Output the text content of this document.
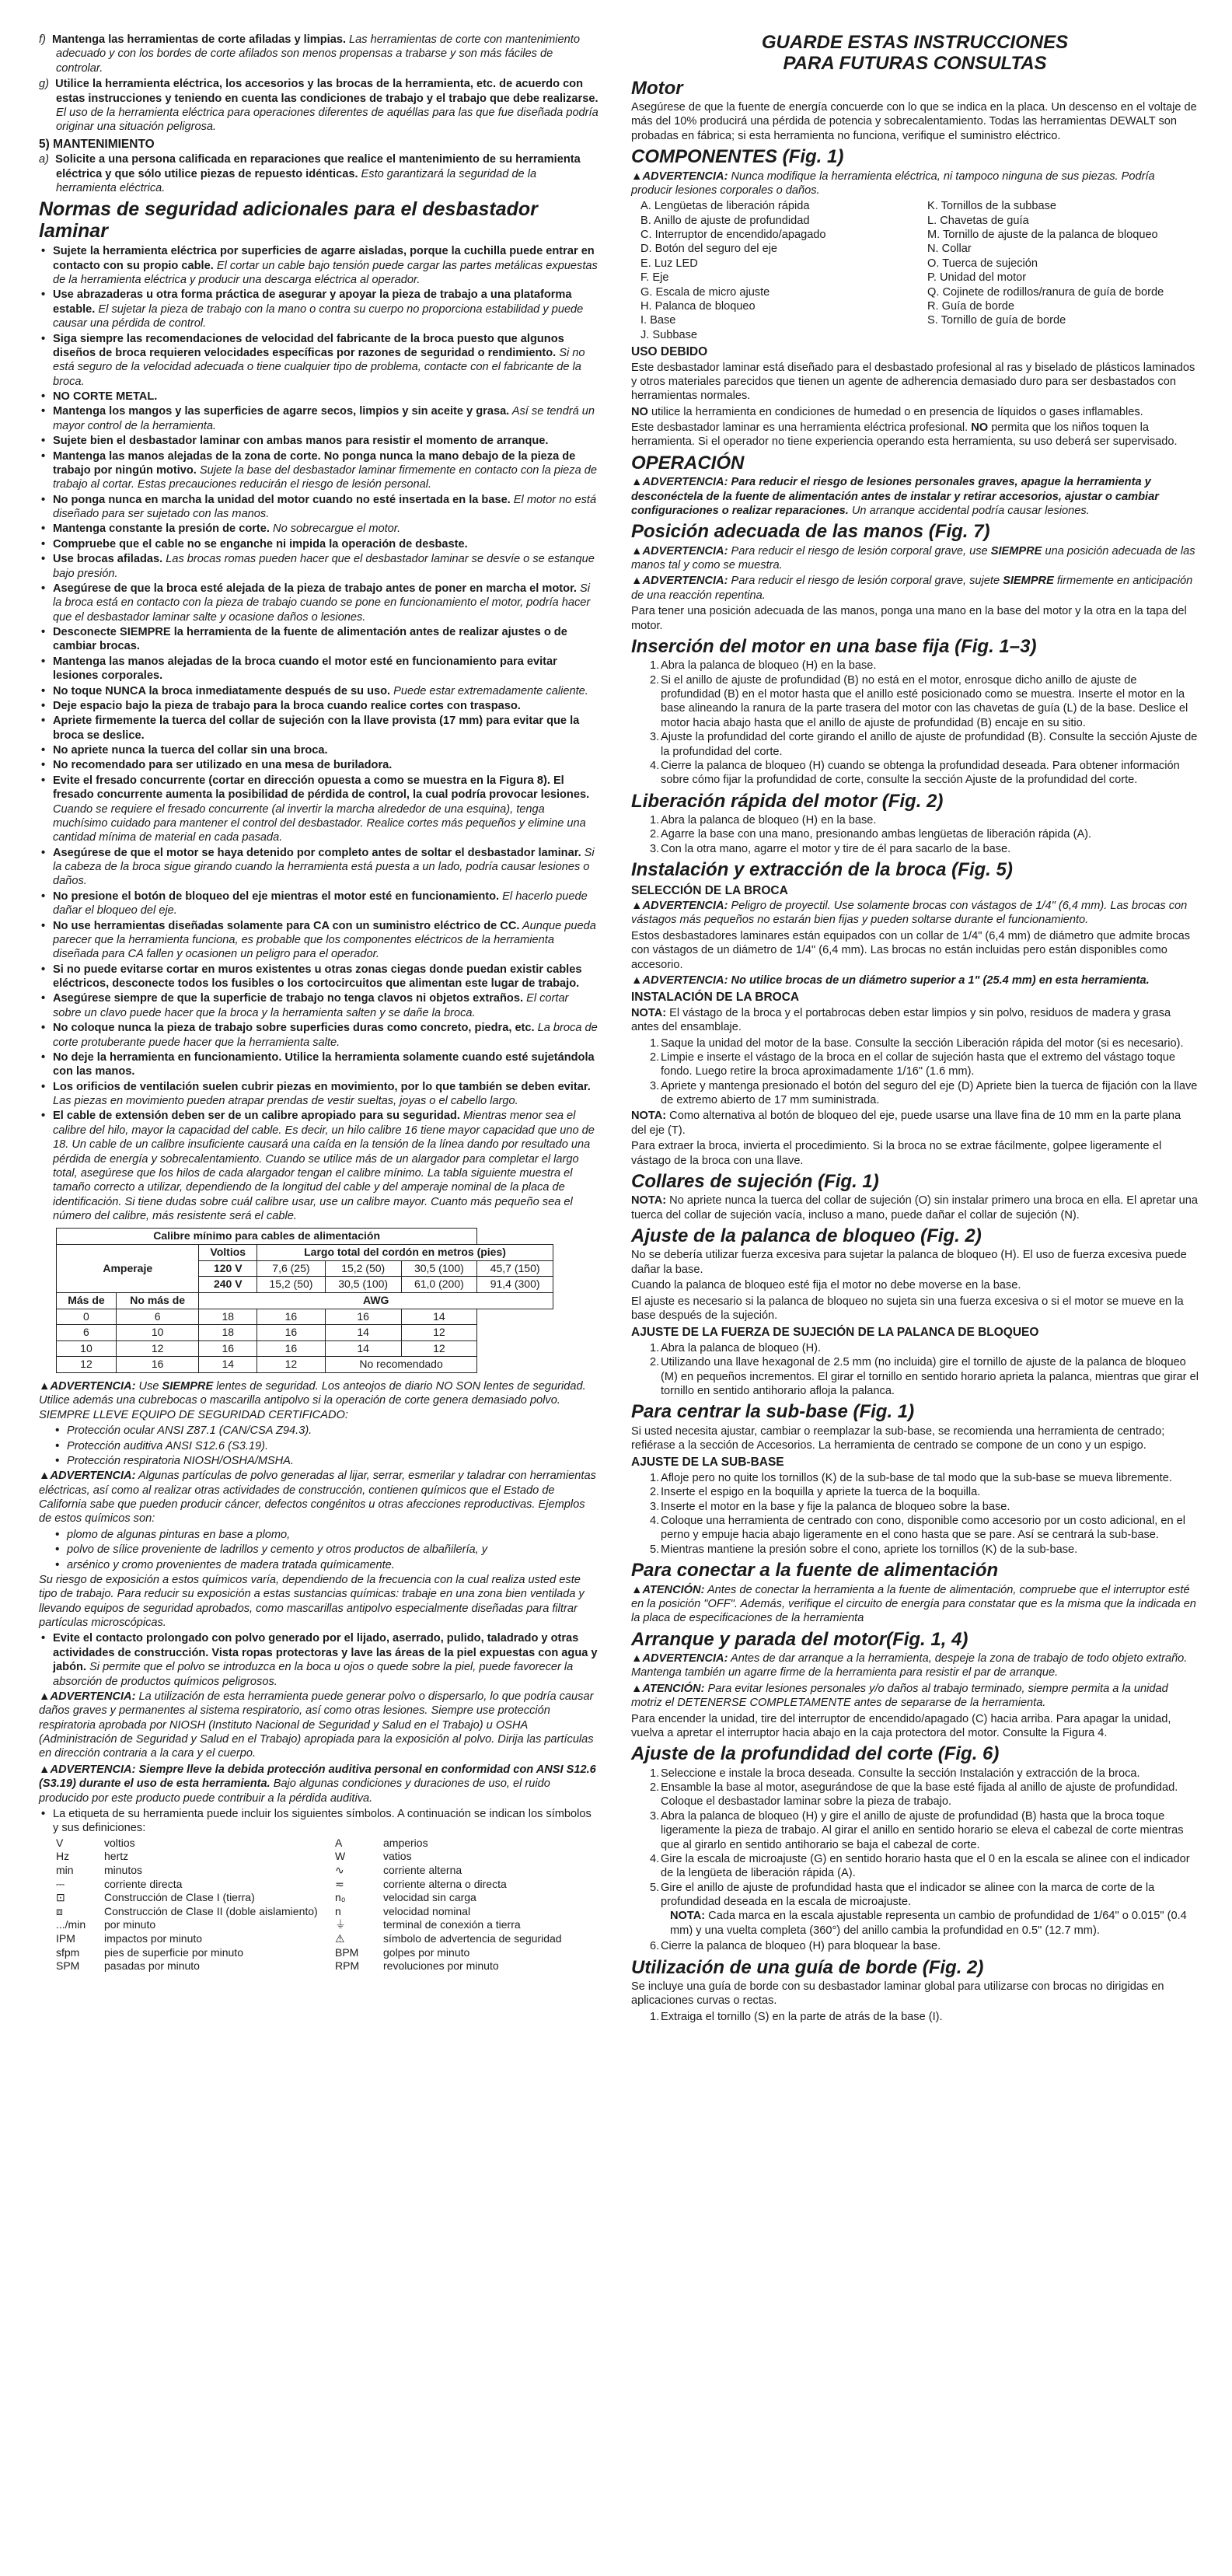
f) Mantenga las herramientas de corte afiladas y limpias. Las herramientas de corte con mantenimiento adecuado y con los bordes de corte afilados son menos propensas a trabarse y son más fáciles de controlar.

g) Utilice la herramienta eléctrica, los accesorios y las brocas de la herramienta, etc. de acuerdo con estas instrucciones y teniendo en cuenta las condiciones de trabajo y el trabajo que debe realizarse. El uso de la herramienta eléctrica para operaciones diferentes de aquéllas para las que fue diseñada podría originar una situación peligrosa.

5) MANTENIMIENTO

a) Solicite a una persona calificada en reparaciones que realice el mantenimiento de su herramienta eléctrica y que sólo utilice piezas de repuesto idénticas. Esto garantizará la seguridad de la herramienta eléctrica.

Normas de seguridad adicionales para el desbastador laminar
• Sujete la herramienta eléctrica por superficies de agarre aisladas, porque la cuchilla puede entrar en contacto con su propio cable. El cortar un cable bajo tensión puede cargar las partes metálicas expuestas de la herramienta eléctrica y producir una descarga eléctrica al operador.
• Use abrazaderas u otra forma práctica de asegurar y apoyar la pieza de trabajo a una plataforma estable. El sujetar la pieza de trabajo con la mano o contra su cuerpo no proporciona estabilidad y puede causar una pérdida de control.
• Siga siempre las recomendaciones de velocidad del fabricante de la broca puesto que algunos diseños de broca requieren velocidades específicas por razones de seguridad o rendimiento. Si no está seguro de la velocidad adecuada o tiene cualquier tipo de problema, contacte con el fabricante de la broca.
• NO CORTE METAL.
• Mantenga los mangos y las superficies de agarre secos, limpios y sin aceite y grasa. Así se tendrá un mayor control de la herramienta.
• Sujete bien el desbastador laminar con ambas manos para resistir el momento de arranque.
• Mantenga las manos alejadas de la zona de corte. No ponga nunca la mano debajo de la pieza de trabajo por ningún motivo. Sujete la base del desbastador laminar firmemente en contacto con la pieza de trabajo al cortar. Estas precauciones reducirán el riesgo de lesión personal.
• No ponga nunca en marcha la unidad del motor cuando no esté insertada en la base. El motor no está diseñado para ser sujetado con las manos.
• Mantenga constante la presión de corte. No sobrecargue el motor.
• Compruebe que el cable no se enganche ni impida la operación de desbaste.
• Use brocas afiladas. Las brocas romas pueden hacer que el desbastador laminar se desvíe o se estanque bajo presión.
• Asegúrese de que la broca esté alejada de la pieza de trabajo antes de poner en marcha el motor. Si la broca está en contacto con la pieza de trabajo cuando se pone en funcionamiento el motor, podría hacer que el desbastador laminar salte y ocasione daños o lesiones.
• Desconecte SIEMPRE la herramienta de la fuente de alimentación antes de realizar ajustes o de cambiar brocas.
• Mantenga las manos alejadas de la broca cuando el motor esté en funcionamiento para evitar lesiones corporales.
• No toque NUNCA la broca inmediatamente después de su uso. Puede estar extremadamente caliente.
• Deje espacio bajo la pieza de trabajo para la broca cuando realice cortes con traspaso.
• Apriete firmemente la tuerca del collar de sujeción con la llave provista (17 mm) para evitar que la broca se deslice.
• No apriete nunca la tuerca del collar sin una broca.
• No recomendado para ser utilizado en una mesa de buriladora.
• Evite el fresado concurrente (cortar en dirección opuesta a como se muestra en la Figura 8). El fresado concurrente aumenta la posibilidad de pérdida de control, la cual podría provocar lesiones. Cuando se requiere el fresado concurrente (al invertir la marcha alrededor de una esquina), tenga muchísimo cuidado para mantener el control del desbastador. Realice cortes más pequeños y elimine una cantidad mínima de material en cada pasada.
• Asegúrese de que el motor se haya detenido por completo antes de soltar el desbastador laminar. Si la cabeza de la broca sigue girando cuando la herramienta está puesta a un lado, podría causar lesiones o daños.
• No presione el botón de bloqueo del eje mientras el motor esté en funcionamiento. El hacerlo puede dañar el bloqueo del eje.
• No use herramientas diseñadas solamente para CA con un suministro eléctrico de CC. Aunque pueda parecer que la herramienta funciona, es probable que los componentes eléctricos de la herramienta diseñada para CA fallen y ocasionen un peligro para el operador.
• Si no puede evitarse cortar en muros existentes u otras zonas ciegas donde puedan existir cables eléctricos, desconecte todos los fusibles o los cortocircuitos que alimentan este lugar de trabajo.
• Asegúrese siempre de que la superficie de trabajo no tenga clavos ni objetos extraños. El cortar sobre un clavo puede hacer que la broca y la herramienta salten y se dañe la broca.
• No coloque nunca la pieza de trabajo sobre superficies duras como concreto, piedra, etc. La broca de corte protuberante puede hacer que la herramienta salte.
• No deje la herramienta en funcionamiento. Utilice la herramienta solamente cuando esté sujetándola con las manos.
• Los orificios de ventilación suelen cubrir piezas en movimiento, por lo que también se deben evitar. Las piezas en movimiento pueden atrapar prendas de vestir sueltas, joyas o el cabello largo.
• El cable de extensión deben ser de un calibre apropiado para su seguridad. Mientras menor sea el calibre del hilo, mayor la capacidad del cable. Es decir, un hilo calibre 16 tiene mayor capacidad que uno de 18. Un cable de un calibre insuficiente causará una caída en la tensión de la línea dando por resultado una pérdida de energía y sobrecalentamiento. Cuando se utilice más de un alargador para completar el largo total, asegúrese que los hilos de cada alargador tengan el calibre mínimo. La tabla siguiente muestra el tamaño correcto a utilizar, dependiendo de la longitud del cable y del amperaje nominal de la placa de identificación. Si tiene dudas sobre cuál calibre usar, use un calibre mayor. Cuanto más pequeño sea el número del calibre, más resistente será el cable.
Calibre mínimo para cables de alimentación						
Amperaje		Voltios	Largo total del cordón en metros (pies)			
		120 V	7,6 (25)	15,2 (50)	30,5 (100)	45,7 (150)
		240 V	15,2 (50)	30,5 (100)	61,0 (200)	91,4 (300)
Más de	No más de	AWG				
0	6	18	16	16	14	
6	10	18	16	14	12	
10	12	16	16	14	12	
12	16	14	12	No recomendado		

▲ADVERTENCIA: Use SIEMPRE lentes de seguridad. Los anteojos de diario NO SON lentes de seguridad. Utilice además una cubrebocas o mascarilla antipolvo si la operación de corte genera demasiado polvo. SIEMPRE LLEVE EQUIPO DE SEGURIDAD CERTIFICADO:

• Protección ocular ANSI Z87.1 (CAN/CSA Z94.3).
• Protección auditiva ANSI S12.6 (S3.19).
• Protección respiratoria NIOSH/OSHA/MSHA.

▲ADVERTENCIA: Algunas partículas de polvo generadas al lijar, serrar, esmerilar y taladrar con herramientas eléctricas, así como al realizar otras actividades de construcción, contienen químicos que el Estado de California sabe que pueden producir cáncer, defectos congénitos u otras afecciones reproductivas. Ejemplos de estos químicos son:

• plomo de algunas pinturas en base a plomo,
• polvo de sílice proveniente de ladrillos y cemento y otros productos de albañilería, y
• arsénico y cromo provenientes de madera tratada químicamente.

Su riesgo de exposición a estos químicos varía, dependiendo de la frecuencia con la cual realiza usted este tipo de trabajo. Para reducir su exposición a estas sustancias químicas: trabaje en una zona bien ventilada y llevando equipos de seguridad aprobados, como mascarillas antipolvo especialmente diseñadas para filtrar partículas microscópicas.

• Evite el contacto prolongado con polvo generado por el lijado, aserrado, pulido, taladrado y otras actividades de construcción. Vista ropas protectoras y lave las áreas de la piel expuestas con agua y jabón. Si permite que el polvo se introduzca en la boca u ojos o quede sobre la piel, puede favorecer la absorción de productos químicos peligrosos.

▲ADVERTENCIA: La utilización de esta herramienta puede generar polvo o dispersarlo, lo que podría causar daños graves y permanentes al sistema respiratorio, así como otras lesiones. Siempre use protección respiratoria aprobada por NIOSH (Instituto Nacional de Seguridad y Salud en el Trabajo) u OSHA (Administración de Seguridad y Salud en el Trabajo) apropiada para la exposición al polvo. Dirija las partículas en dirección contraria a la cara y el cuerpo.

▲ADVERTENCIA: Siempre lleve la debida protección auditiva personal en conformidad con ANSI S12.6 (S3.19) durante el uso de esta herramienta. Bajo algunas condiciones y duraciones de uso, el ruido producido por este producto puede contribuir a la pérdida auditiva.

• La etiqueta de su herramienta puede incluir los siguientes símbolos. A continuación se indican los símbolos y sus definiciones:
V	voltios
Hz	hertz
min	minutos
⎓	corriente directa
⊡	Construcción de Clase I (tierra)
⧈	Construcción de Clase II (doble aislamiento)
.../min	por minuto
IPM	impactos por minuto
sfpm	pies de superficie por minuto
SPM	pasadas por minuto
A	amperios
W	vatios
∿	corriente alterna
≂	corriente alterna o directa
n₀	velocidad sin carga
n	velocidad nominal
⏚	terminal de conexión a tierra
⚠	símbolo de advertencia de seguridad
BPM	golpes por minuto
RPM	revoluciones por minuto
GUARDE ESTAS INSTRUCCIONES
PARA FUTURAS CONSULTAS
Motor

Asegúrese de que la fuente de energía concuerde con lo que se indica en la placa. Un descenso en el voltaje de más del 10% producirá una pérdida de potencia y sobrecalentamiento. Todas las herramientas DEWALT son probadas en fábrica; si esta herramienta no funciona, verifique el suministro eléctrico.

COMPONENTES (Fig. 1)

▲ADVERTENCIA: Nunca modifique la herramienta eléctrica, ni tampoco ninguna de sus piezas. Podría producir lesiones corporales o daños.

A. Lengüetas de liberación rápida
B. Anillo de ajuste de profundidad
C. Interruptor de encendido/apagado
D. Botón del seguro del eje
E. Luz LED
F. Eje
G. Escala de micro ajuste
H. Palanca de bloqueo
I. Base
J. Subbase
K. Tornillos de la subbase
L. Chavetas de guía
M. Tornillo de ajuste de la palanca de bloqueo
N. Collar
O. Tuerca de sujeción
P. Unidad del motor
Q. Cojinete de rodillos/ranura de guía de borde
R. Guía de borde
S. Tornillo de guía de borde
USO DEBIDO

Este desbastador laminar está diseñado para el desbastado profesional al ras y biselado de plásticos laminados y otros materiales parecidos que tienen un agente de adherencia demasiado duro para ser desbastados con herramientas normales.

NO utilice la herramienta en condiciones de humedad o en presencia de líquidos o gases inflamables.

Este desbastador laminar es una herramienta eléctrica profesional. NO permita que los niños toquen la herramienta. Si el operador no tiene experiencia operando esta herramienta, su uso deberá ser supervisado.

OPERACIÓN

▲ADVERTENCIA: Para reducir el riesgo de lesiones personales graves, apague la herramienta y desconéctela de la fuente de alimentación antes de instalar y retirar accesorios, ajustar o cambiar configuraciones o realizar reparaciones. Un arranque accidental podría causar lesiones.

Posición adecuada de las manos (Fig. 7)

▲ADVERTENCIA: Para reducir el riesgo de lesión corporal grave, use SIEMPRE una posición adecuada de las manos tal y como se muestra.

▲ADVERTENCIA: Para reducir el riesgo de lesión corporal grave, sujete SIEMPRE firmemente en anticipación de una reacción repentina.

Para tener una posición adecuada de las manos, ponga una mano en la base del motor y la otra en la tapa del motor.

Inserción del motor en una base fija (Fig. 1–3)
1. Abra la palanca de bloqueo (H) en la base.
2. Si el anillo de ajuste de profundidad (B) no está en el motor, enrosque dicho anillo de ajuste de profundidad (B) en el motor hasta que el anillo esté posicionado como se muestra. Inserte el motor en la base alineando la ranura de la parte trasera del motor con las chavetas de guía (L) de la base. Deslice el motor hacia abajo hasta que el anillo de ajuste de profundidad (B) encaje en su sitio.
3. Ajuste la profundidad del corte girando el anillo de ajuste de profundidad (B). Consulte la sección Ajuste de la profundidad del corte.
4. Cierre la palanca de bloqueo (H) cuando se obtenga la profundidad deseada. Para obtener información sobre cómo fijar la profundidad de corte, consulte la sección Ajuste de la profundidad del corte.
Liberación rápida del motor (Fig. 2)
1. Abra la palanca de bloqueo (H) en la base.
2. Agarre la base con una mano, presionando ambas lengüetas de liberación rápida (A).
3. Con la otra mano, agarre el motor y tire de él para sacarlo de la base.
Instalación y extracción de la broca (Fig. 5)
SELECCIÓN DE LA BROCA

▲ADVERTENCIA: Peligro de proyectil. Use solamente brocas con vástagos de 1/4" (6,4 mm). Las brocas con vástagos más pequeños no estarán bien fijas y pueden soltarse durante el funcionamiento.

Estos desbastadores laminares están equipados con un collar de 1/4" (6,4 mm) de diámetro que admite brocas con vástagos de un diámetro de 1/4" (6,4 mm). Las brocas no están incluidas pero están disponibles como accesorio.

▲ADVERTENCIA: No utilice brocas de un diámetro superior a 1" (25.4 mm) en esta herramienta.

INSTALACIÓN DE LA BROCA

NOTA: El vástago de la broca y el portabrocas deben estar limpios y sin polvo, residuos de madera y grasa antes del ensamblaje.

1. Saque la unidad del motor de la base. Consulte la sección Liberación rápida del motor (si es necesario).
2. Limpie e inserte el vástago de la broca en el collar de sujeción hasta que el extremo del vástago toque fondo. Luego retire la broca aproximadamente 1/16" (1.6 mm).
3. Apriete y mantenga presionado el botón del seguro del eje (D) Apriete bien la tuerca de fijación con la llave de extremo abierto de 17 mm suministrada.

NOTA: Como alternativa al botón de bloqueo del eje, puede usarse una llave fina de 10 mm en la parte plana del eje (T).

Para extraer la broca, invierta el procedimiento. Si la broca no se extrae fácilmente, golpee ligeramente el vástago de la broca con una llave.

Collares de sujeción (Fig. 1)

NOTA: No apriete nunca la tuerca del collar de sujeción (O) sin instalar primero una broca en ella. El apretar una tuerca del collar de sujeción vacía, incluso a mano, puede dañar el collar de sujeción (N).

Ajuste de la palanca de bloqueo (Fig. 2)

No se debería utilizar fuerza excesiva para sujetar la palanca de bloqueo (H). El uso de fuerza excesiva puede dañar la base.

Cuando la palanca de bloqueo esté fija el motor no debe moverse en la base.

El ajuste es necesario si la palanca de bloqueo no sujeta sin una fuerza excesiva o si el motor se mueve en la base después de la sujeción.

AJUSTE DE LA FUERZA DE SUJECIÓN DE LA PALANCA DE BLOQUEO
1. Abra la palanca de bloqueo (H).
2. Utilizando una llave hexagonal de 2.5 mm (no incluida) gire el tornillo de ajuste de la palanca de bloqueo (M) en pequeños incrementos. El girar el tornillo en sentido horario aprieta la palanca, mientras que girar el tornillo en sentido antihorario afloja la palanca.
Para centrar la sub-base (Fig. 1)

Si usted necesita ajustar, cambiar o reemplazar la sub-base, se recomienda una herramienta de centrado; refiérase a la sección de Accesorios. La herramienta de centrado se compone de un cono y un espigo.

AJUSTE DE LA SUB-BASE
1. Afloje pero no quite los tornillos (K) de la sub-base de tal modo que la sub-base se mueva libremente.
2. Inserte el espigo en la boquilla y apriete la tuerca de la boquilla.
3. Inserte el motor en la base y fije la palanca de bloqueo sobre la base.
4. Coloque una herramienta de centrado con cono, disponible como accesorio por un costo adicional, en el perno y empuje hacia abajo ligeramente en el cono hasta que se pare. Así se centrará la sub-base.
5. Mientras mantiene la presión sobre el cono, apriete los tornillos (K) de la sub-base.
Para conectar a la fuente de alimentación

▲ATENCIÓN: Antes de conectar la herramienta a la fuente de alimentación, compruebe que el interruptor esté en la posición "OFF". Además, verifique el circuito de energía para constatar que es la misma que la indicada en la placa de especificaciones de la herramienta

Arranque y parada del motor(Fig. 1, 4)

▲ADVERTENCIA: Antes de dar arranque a la herramienta, despeje la zona de trabajo de todo objeto extraño. Mantenga también un agarre firme de la herramienta para resistir el par de arranque.

▲ATENCIÓN: Para evitar lesiones personales y/o daños al trabajo terminado, siempre permita a la unidad motriz el DETENERSE COMPLETAMENTE antes de separarse de la herramienta.

Para encender la unidad, tire del interruptor de encendido/apagado (C) hacia arriba. Para apagar la unidad, vuelva a apretar el interruptor hacia abajo en la caja protectora del motor. Consulte la Figura 4.

Ajuste de la profundidad del corte (Fig. 6)
1. Seleccione e instale la broca deseada. Consulte la sección Instalación y extracción de la broca.
2. Ensamble la base al motor, asegurándose de que la base esté fijada al anillo de ajuste de profundidad. Coloque el desbastador laminar sobre la pieza de trabajo.
3. Abra la palanca de bloqueo (H) y gire el anillo de ajuste de profundidad (B) hasta que la broca toque ligeramente la pieza de trabajo. Al girar el anillo en sentido horario se eleva el cabezal de corte mientras que al girarlo en sentido antihorario se baja el cabezal de corte.
4. Gire la escala de microajuste (G) en sentido horario hasta que el 0 en la escala se alinee con el indicador de la lengüeta de liberación rápida (A).
5. Gire el anillo de ajuste de profundidad hasta que el indicador se alinee con la marca de corte de la profundidad deseada en la escala de microajuste.

NOTA: Cada marca en la escala ajustable representa un cambio de profundidad de 1/64" o 0.015" (0.4 mm) y una vuelta completa (360°) del anillo cambia la profundidad en 0.5" (12.7 mm).

6. Cierre la palanca de bloqueo (H) para bloquear la base.
Utilización de una guía de borde (Fig. 2)

Se incluye una guía de borde con su desbastador laminar global para utilizarse con brocas no dirigidas en aplicaciones curvas o rectas.

1. Extraiga el tornillo (S) en la parte de atrás de la base (I).
